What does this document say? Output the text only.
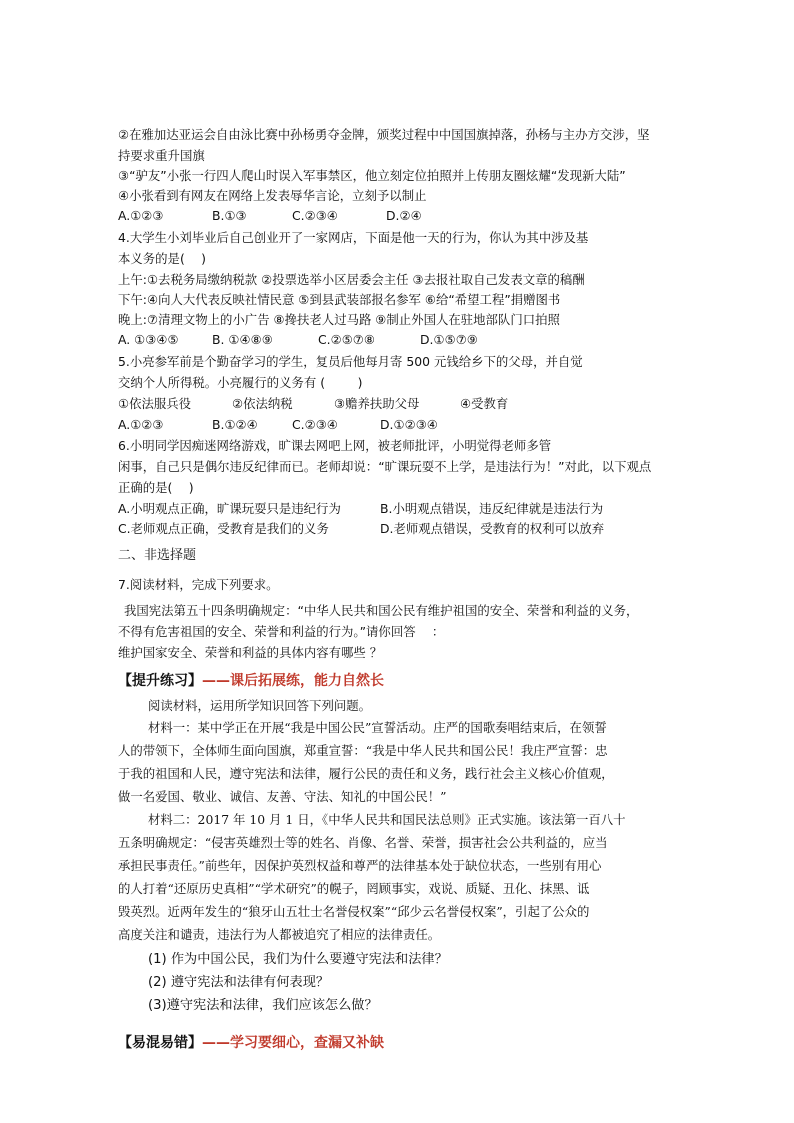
②在雅加达亚运会自由泳比赛中孙杨勇夺金牌，颁奖过程中中国国旗掉落，孙杨与主办方交涉，坚
持要求重升国旗
③“驴友”小张一行四人爬山时误入军事禁区，他立刻定位拍照并上传朋友圈炫耀“发现新大陆”
④小张看到有网友在网络上发表辱华言论，立刻予以制止
A.①②③	B.①③	C.②③④	D.②④
4.大学生小刘毕业后自己创业开了一家网店，下面是他一天的行为，你认为其中涉及基
本义务的是(　 )
上午:①去税务局缴纳税款 ②投票选举小区居委会主任 ③去报社取自己发表文章的稿酬
下午:④向人大代表反映社情民意 ⑤到县武装部报名参军 ⑥给“希望工程”捐赠图书
晚上:⑦清理文物上的小广告 ⑧搀扶老人过马路 ⑨制止外国人在驻地部队门口拍照
A. ①③④⑤	B. ①④⑧⑨	C.②⑤⑦⑧	D.①⑤⑦⑨
5.小亮参军前是个勤奋学习的学生，复员后他每月寄 500 元钱给乡下的父母，并自觉
交纳个人所得税。小亮履行的义务有 (　 　 )
①依法服兵役	②依法纳税	③赡养扶助父母	④受教育
A.①②③	B.①②④	C.②③④	D.①②③④
6.小明同学因痴迷网络游戏，旷课去网吧上网，被老师批评，小明觉得老师多管
闲事，自己只是偶尔违反纪律而已。老师却说：“旷课玩耍不上学，是违法行为！”对此，以下观点
正确的是(　 )
A.小明观点正确，旷课玩耍只是违纪行为	B.小明观点错误，违反纪律就是违法行为
C.老师观点正确，受教育是我们的义务	D.老师观点错误，受教育的权利可以放弃
二、非选择题
7.阅读材料，完成下列要求。
我国宪法第五十四条明确规定：“中华人民共和国公民有维护祖国的安全、荣誉和利益的义务，
不得有危害祖国的安全、荣誉和利益的行为。”请你回答　 ：
维护国家安全、荣誉和利益的具体内容有哪些 ？
【提升练习】——课后拓展练，能力自然长
阅读材料，运用所学知识回答下列问题。
材料一：某中学正在开展“我是中国公民”宣誓活动。庄严的国歌奏唱结束后，在领誓
人的带领下，全体师生面向国旗，郑重宣誓：“我是中华人民共和国公民！我庄严宣誓：忠
于我的祖国和人民，遵守宪法和法律，履行公民的责任和义务，践行社会主义核心价值观，
做一名爱国、敬业、诚信、友善、守法、知礼的中国公民！”
材料二：2017 年 10 月 1 日，《中华人民共和国民法总则》正式实施。该法第一百八十
五条明确规定：“侵害英雄烈士等的姓名、肖像、名誉、荣誉，损害社会公共利益的，应当
承担民事责任。”前些年，因保护英烈权益和尊严的法律基本处于缺位状态，一些别有用心
的人打着“还原历史真相”“学术研究”的幌子，罔顾事实，戏说、质疑、丑化、抹黑、诋
毁英烈。近两年发生的“狼牙山五壮士名誉侵权案”“邱少云名誉侵权案”，引起了公众的
高度关注和谴责，违法行为人都被追究了相应的法律责任。
(1) 作为中国公民，我们为什么要遵守宪法和法律？
(2) 遵守宪法和法律有何表现？
(3)遵守宪法和法律，我们应该怎么做？
【易混易错】——学习要细心，查漏又补缺
